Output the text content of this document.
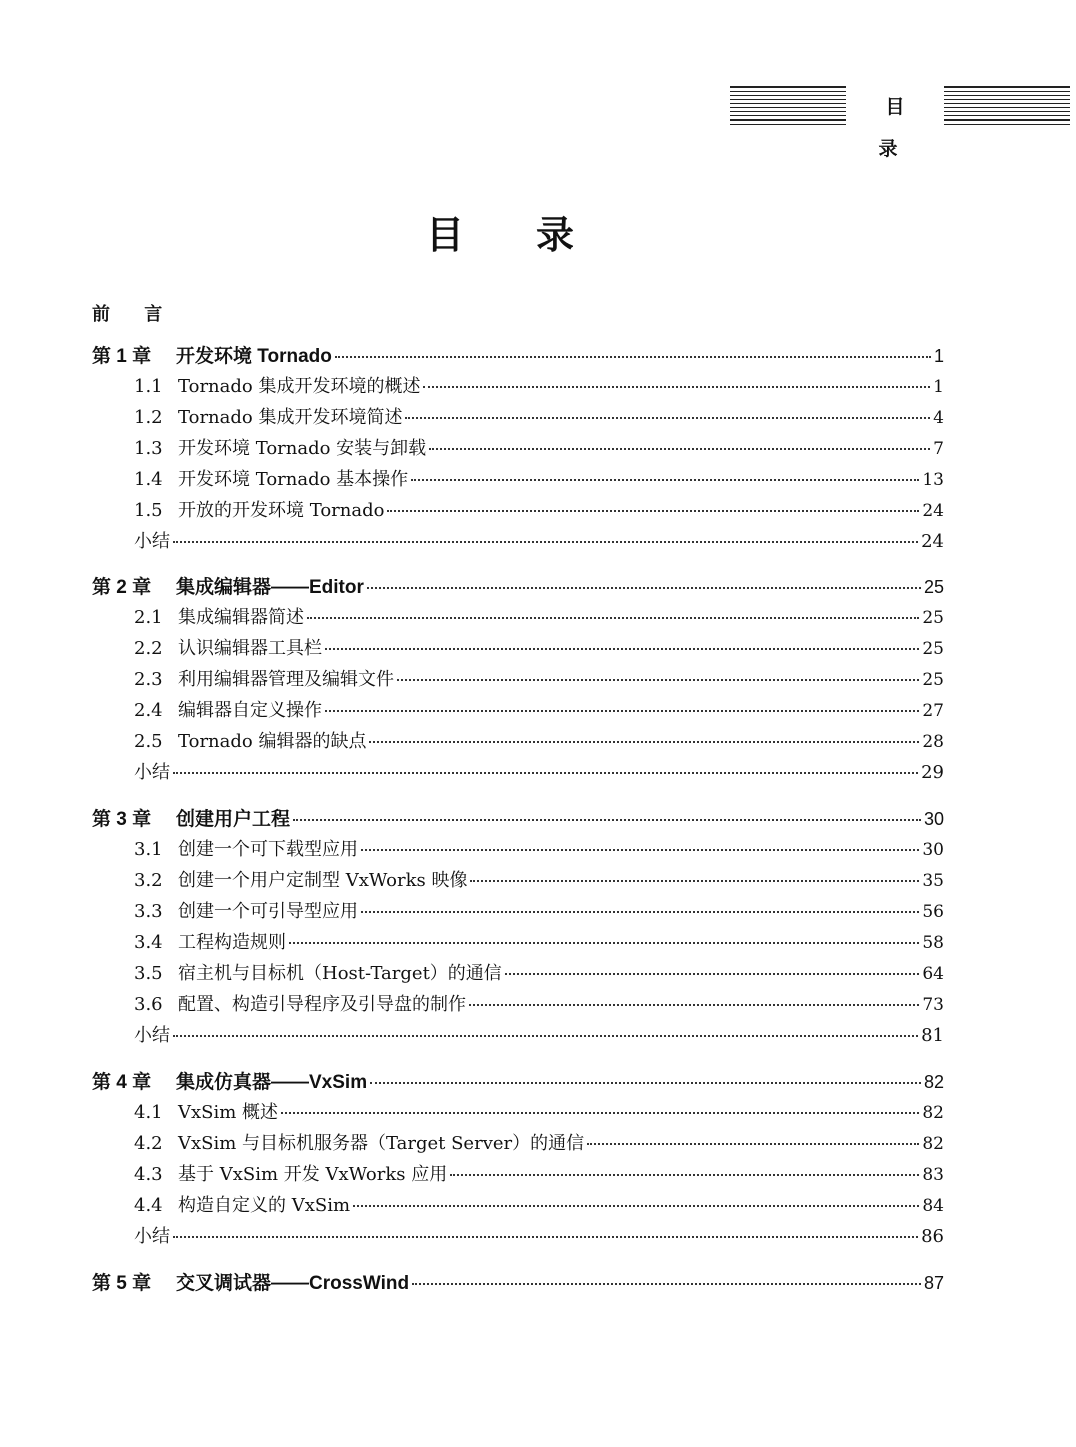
目 录
目录
前 言
第 1 章 开发环境 Tornado	1
1.1 Tornado 集成开发环境的概述	1
1.2 Tornado 集成开发环境简述	4
1.3 开发环境 Tornado 安装与卸载	7
1.4 开发环境 Tornado 基本操作	13
1.5 开放的开发环境 Tornado	24
小结	24
第 2 章 集成编辑器——Editor	25
2.1 集成编辑器简述	25
2.2 认识编辑器工具栏	25
2.3 利用编辑器管理及编辑文件	25
2.4 编辑器自定义操作	27
2.5 Tornado 编辑器的缺点	28
小结	29
第 3 章 创建用户工程	30
3.1 创建一个可下载型应用	30
3.2 创建一个用户定制型 VxWorks 映像	35
3.3 创建一个可引导型应用	56
3.4 工程构造规则	58
3.5 宿主机与目标机（Host-Target）的通信	64
3.6 配置、构造引导程序及引导盘的制作	73
小结	81
第 4 章 集成仿真器——VxSim	82
4.1 VxSim 概述	82
4.2 VxSim 与目标机服务器（Target Server）的通信	82
4.3 基于 VxSim 开发 VxWorks 应用	83
4.4 构造自定义的 VxSim	84
小结	86
第 5 章 交叉调试器——CrossWind	87
